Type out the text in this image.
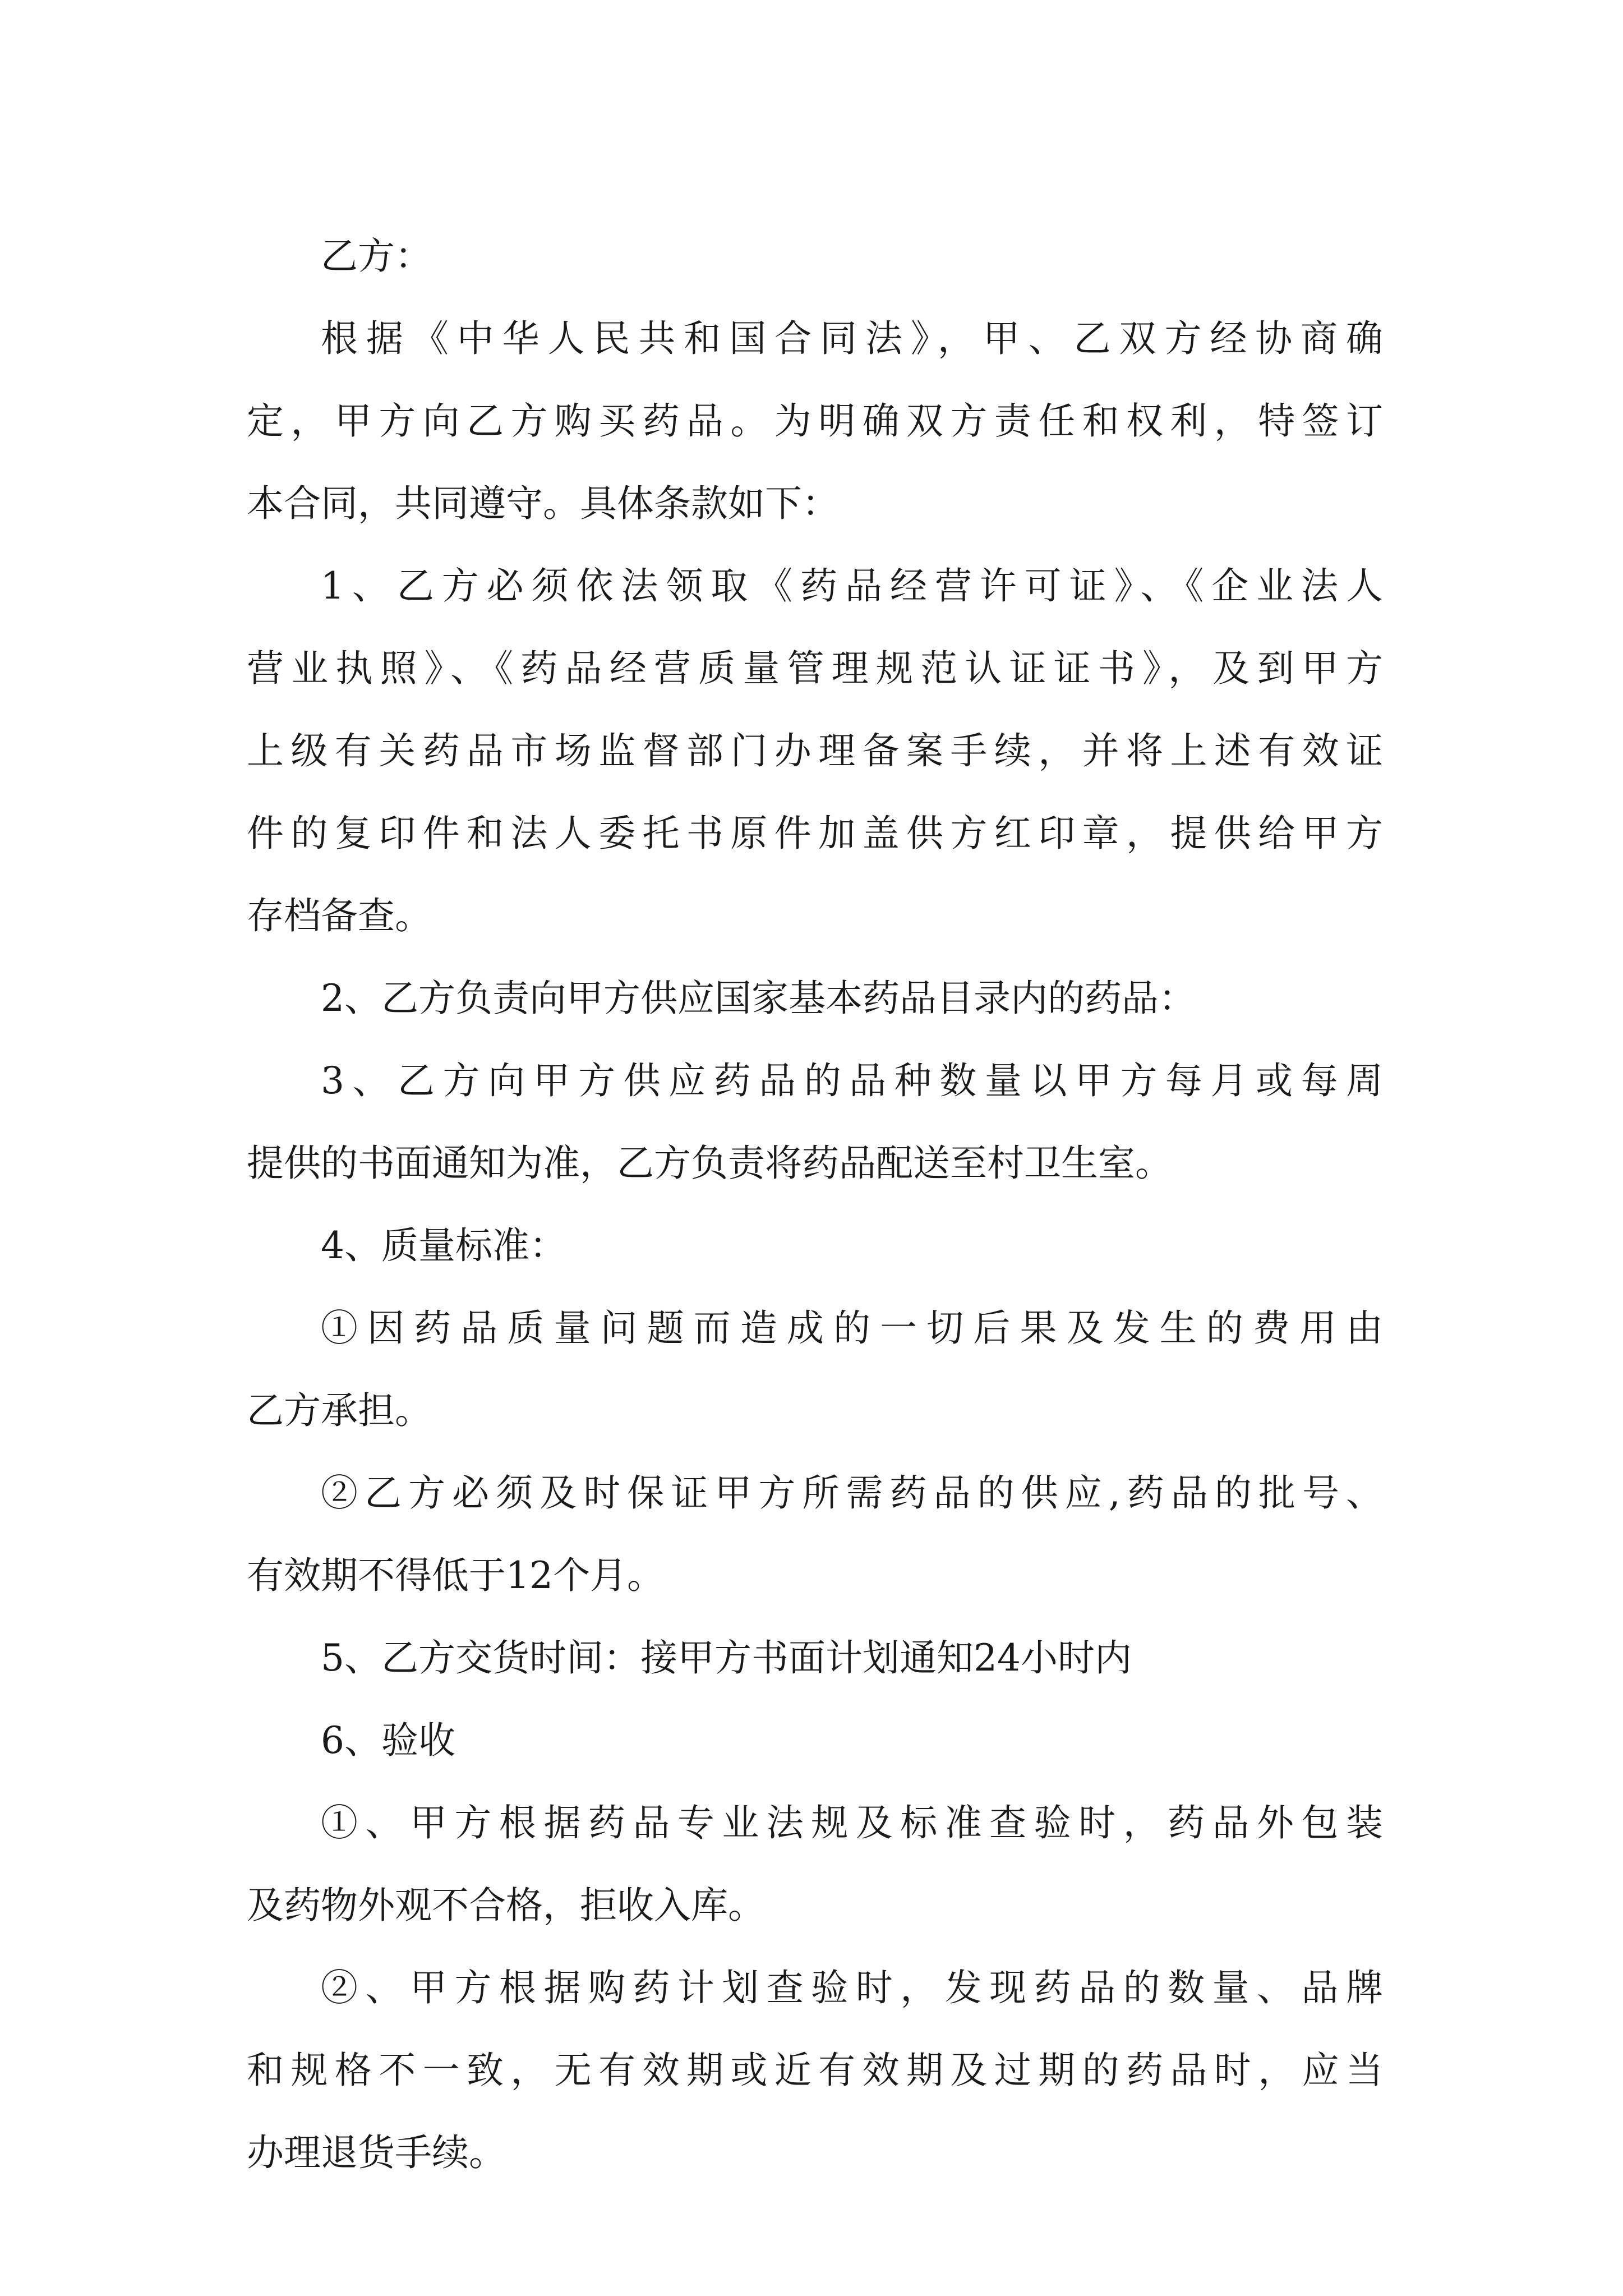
乙方：
根据《中华人民共和国合同法》，甲、乙双方经协商确
定，甲方向乙方购买药品。为明确双方责任和权利，特签订
本合同，共同遵守。具体条款如下：
1、乙方必须依法领取《药品经营许可证》、《企业法人
营业执照》、《药品经营质量管理规范认证证书》，及到甲方
上级有关药品市场监督部门办理备案手续，并将上述有效证
件的复印件和法人委托书原件加盖供方红印章，提供给甲方
存档备查。
2、乙方负责向甲方供应国家基本药品目录内的药品：
3、乙方向甲方供应药品的品种数量以甲方每月或每周
提供的书面通知为准，乙方负责将药品配送至村卫生室。
4、质量标准：
①因药品质量问题而造成的一切后果及发生的费用由
乙方承担。
②乙方必须及时保证甲方所需药品的供应,药品的批号、
有效期不得低于12个月。
5、乙方交货时间：接甲方书面计划通知24小时内
6、验收
①、甲方根据药品专业法规及标准查验时，药品外包装
及药物外观不合格，拒收入库。
②、甲方根据购药计划查验时，发现药品的数量、品牌
和规格不一致，无有效期或近有效期及过期的药品时，应当
办理退货手续。
